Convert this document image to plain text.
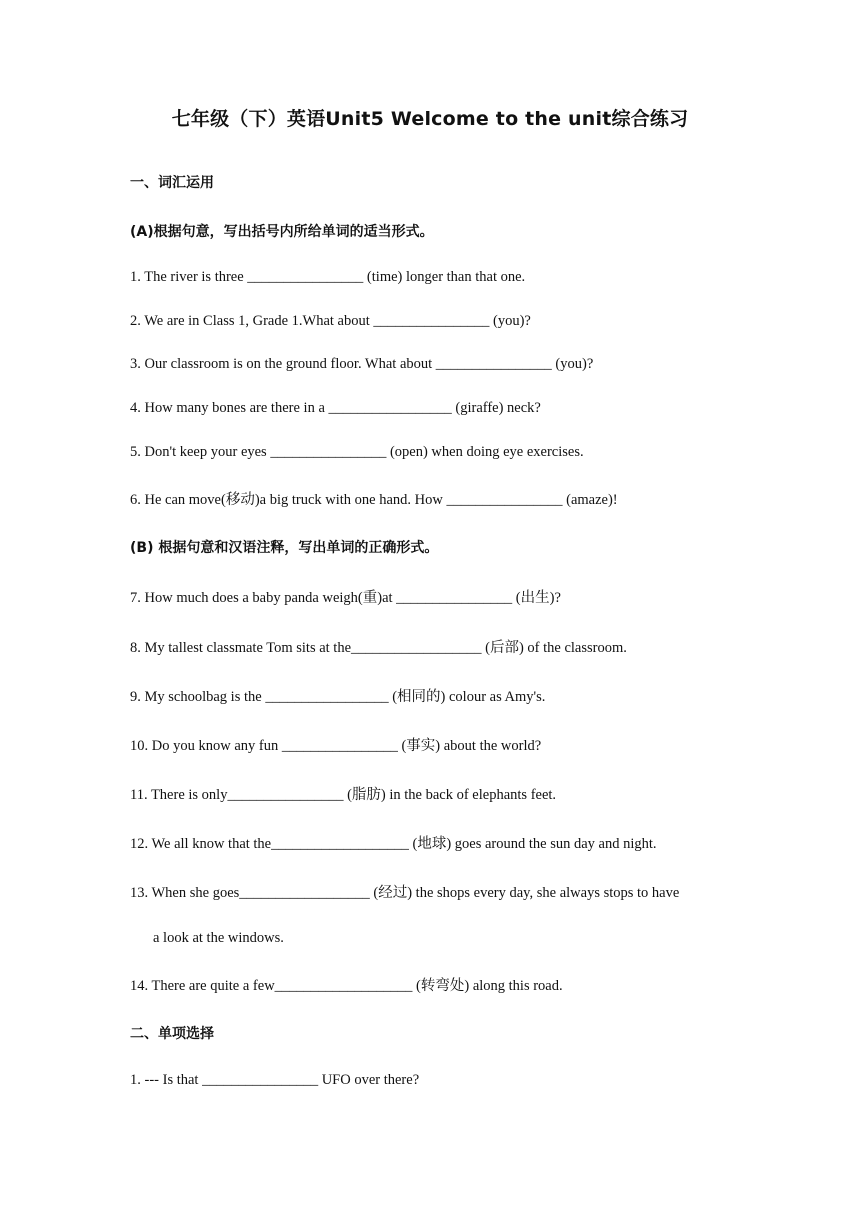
七年级（下）英语Unit5 Welcome to the unit综合练习
一、词汇运用
(A)根据句意，写出括号内所给单词的适当形式。
1. The river is three ________________ (time) longer than that one.
2. We are in Class 1, Grade 1.What about ________________ (you)?
3. Our classroom is on the ground floor. What about ________________ (you)?
4. How many bones are there in a _________________ (giraffe) neck?
5. Don't keep your eyes ________________ (open) when doing eye exercises.
6. He can move(移动)a big truck with one hand. How ________________ (amaze)!
(B) 根据句意和汉语注释，写出单词的正确形式。
7. How much does a baby panda weigh(重)at ________________ (出生)?
8. My tallest classmate Tom sits at the__________________ (后部) of the classroom.
9. My schoolbag is the _________________ (相同的) colour as Amy's.
10. Do you know any fun ________________ (事实) about the world?
11. There is only________________ (脂肪) in the back of elephants feet.
12. We all know that the___________________ (地球) goes around the sun day and night.
13. When she goes__________________ (经过) the shops every day, she always stops to have
a look at the windows.
14. There are quite a few___________________ (转弯处) along this road.
二、单项选择
1. --- Is that ________________ UFO over there?
